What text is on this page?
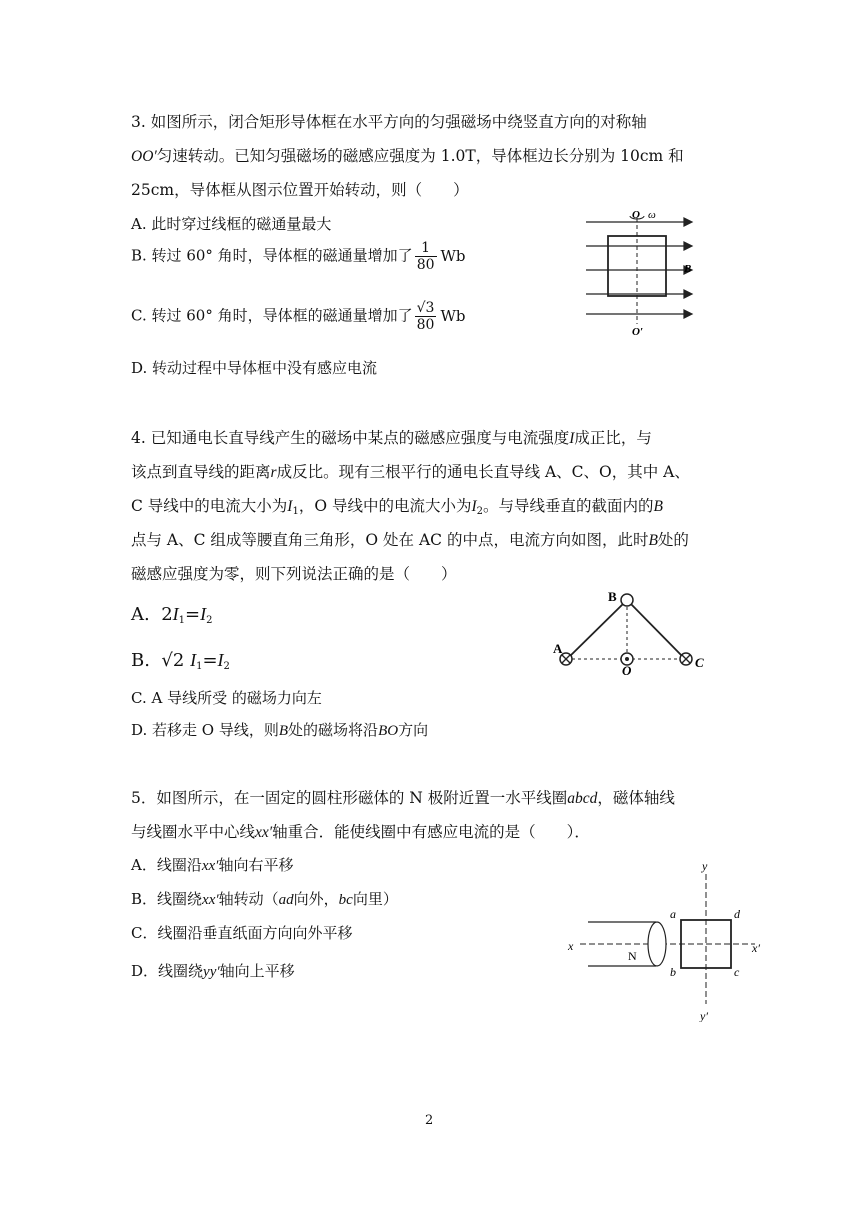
3. 如图所示，闭合矩形导体框在水平方向的匀强磁场中绕竖直方向的对称轴
OO′匀速转动。已知匀强磁场的磁感应强度为 1.0T，导体框边长分别为 10cm 和
25cm，导体框从图示位置开始转动，则（　　）
A. 此时穿过线框的磁通量最大
B. 转过 60° 角时，导体框的磁通量增加了 $\frac{1}{80}$ Wb
C. 转过 60° 角时，导体框的磁通量增加了 $\frac{√3}{80}$ Wb
D. 转动过程中导体框中没有感应电流
O ω
B
O′
4. 已知通电长直导线产生的磁场中某点的磁感应强度与电流强度I成正比，与
该点到直导线的距离r成反比。现有三根平行的通电长直导线 A、C、O，其中 A、
C 导线中的电流大小为$I_1$，O 导线中的电流大小为$I_2$。与导线垂直的截面内的B
点与 A、C 组成等腰直角三角形，O 处在 AC 的中点，电流方向如图，此时B处的
磁感应强度为零，则下列说法正确的是（　　）
A. $2I_1=I_2$
B. √2 $I_1=I_2$
C. A 导线所受 的磁场力向左
D. 若移走 O 导线，则B处的磁场将沿BO方向
B
A
O
C
5．如图所示，在一固定的圆柱形磁体的 N 极附近置一水平线圈abcd，磁体轴线
与线圈水平中心线xx′轴重合．能使线圈中有感应电流的是（　　）．
A．线圈沿xx′轴向右平移
B．线圈绕xx′轴转动（ad向外，bc向里）
C．线圈沿垂直纸面方向向外平移
D．线圈绕yy′轴向上平移
y
y′
x	x′
N
a	d
b	c
2
